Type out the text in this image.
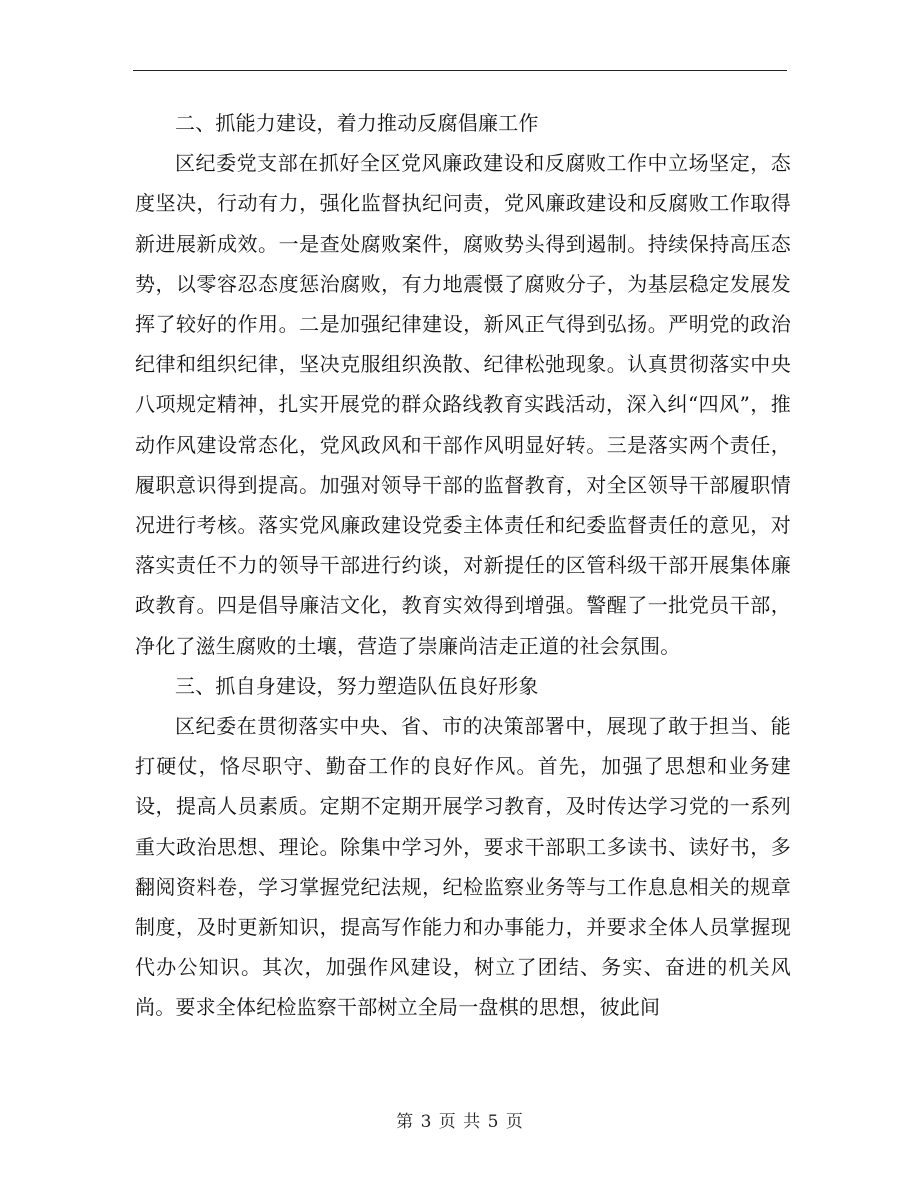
二、抓能力建设，着力推动反腐倡廉工作

区纪委党支部在抓好全区党风廉政建设和反腐败工作中立场坚定，态度坚决，行动有力，强化监督执纪问责，党风廉政建设和反腐败工作取得新进展新成效。一是查处腐败案件，腐败势头得到遏制。持续保持高压态势，以零容忍态度惩治腐败，有力地震慑了腐败分子，为基层稳定发展发挥了较好的作用。二是加强纪律建设，新风正气得到弘扬。严明党的政治纪律和组织纪律，坚决克服组织涣散、纪律松弛现象。认真贯彻落实中央八项规定精神，扎实开展党的群众路线教育实践活动，深入纠“四风”，推动作风建设常态化，党风政风和干部作风明显好转。三是落实两个责任，履职意识得到提高。加强对领导干部的监督教育，对全区领导干部履职情况进行考核。落实党风廉政建设党委主体责任和纪委监督责任的意见，对落实责任不力的领导干部进行约谈，对新提任的区管科级干部开展集体廉政教育。四是倡导廉洁文化，教育实效得到增强。警醒了一批党员干部，净化了滋生腐败的土壤，营造了崇廉尚洁走正道的社会氛围。

三、抓自身建设，努力塑造队伍良好形象

区纪委在贯彻落实中央、省、市的决策部署中，展现了敢于担当、能打硬仗，恪尽职守、勤奋工作的良好作风。首先，加强了思想和业务建设，提高人员素质。定期不定期开展学习教育，及时传达学习党的一系列重大政治思想、理论。除集中学习外，要求干部职工多读书、读好书，多翻阅资料卷，学习掌握党纪法规，纪检监察业务等与工作息息相关的规章制度，及时更新知识，提高写作能力和办事能力，并要求全体人员掌握现代办公知识。其次，加强作风建设，树立了团结、务实、奋进的机关风尚。要求全体纪检监察干部树立全局一盘棋的思想，彼此间

第 3 页 共 5 页
